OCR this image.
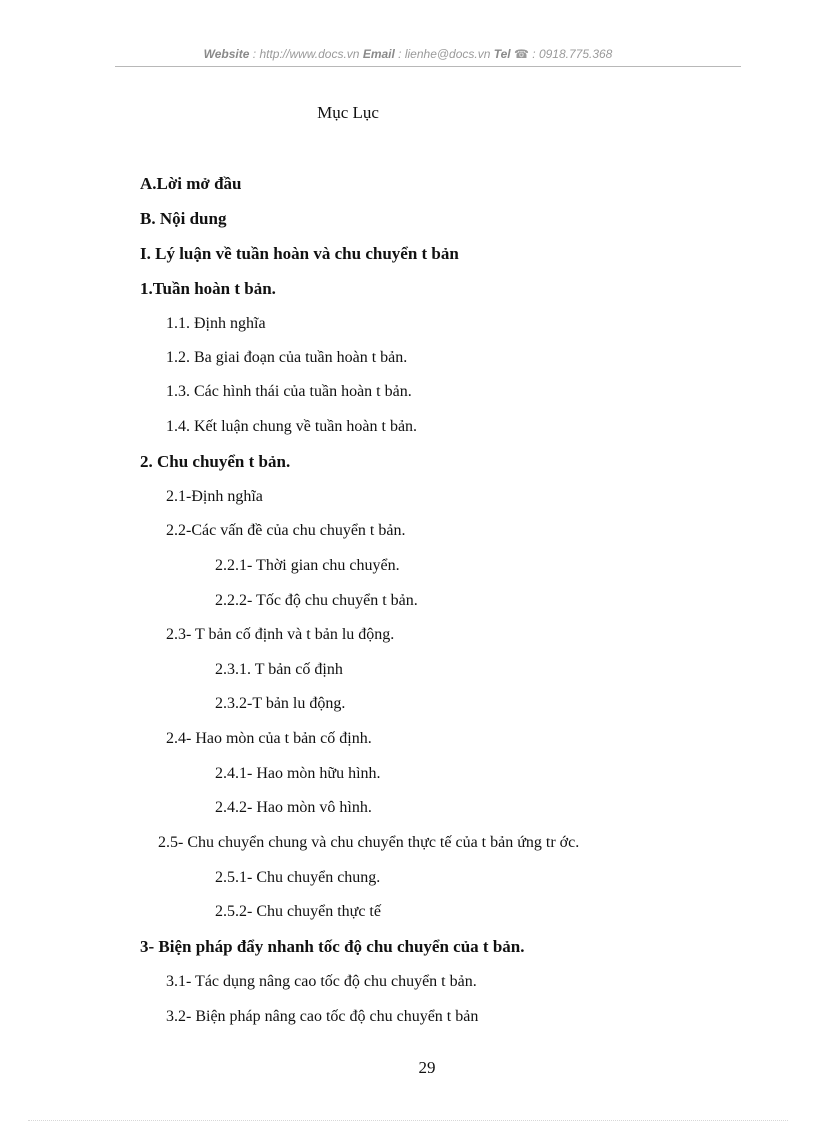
Website : http://www.docs.vn Email : lienhe@docs.vn Tel ☎ : 0918.775.368
Mục Lục
A.Lời mở đầu
B. Nội dung
I. Lý luận về tuần hoàn và chu chuyển t bản
1.Tuần hoàn t bản.
1.1. Định nghĩa
1.2. Ba giai đoạn của tuần hoàn t bản.
1.3. Các hình thái của tuần hoàn t bản.
1.4. Kết luận chung về tuần hoàn t bản.
2. Chu chuyển t bản.
2.1-Định nghĩa
2.2-Các vấn đề của chu chuyển t bản.
2.2.1- Thời gian chu chuyển.
2.2.2- Tốc độ chu chuyển t bản.
2.3- T bản cố định và t bản lu động.
2.3.1. T bản cố định
2.3.2-T bản lu động.
2.4- Hao mòn của t bản cố định.
2.4.1- Hao mòn hữu hình.
2.4.2- Hao mòn vô hình.
2.5- Chu chuyển chung và chu chuyển thực tế của t bản ứng tr ớc.
2.5.1- Chu chuyển chung.
2.5.2- Chu chuyển thực tế
3- Biện pháp đẩy nhanh tốc độ chu chuyển của t bản.
3.1- Tác dụng nâng cao tốc độ chu chuyển t bản.
3.2- Biện pháp nâng cao tốc độ chu chuyển t bản
29
